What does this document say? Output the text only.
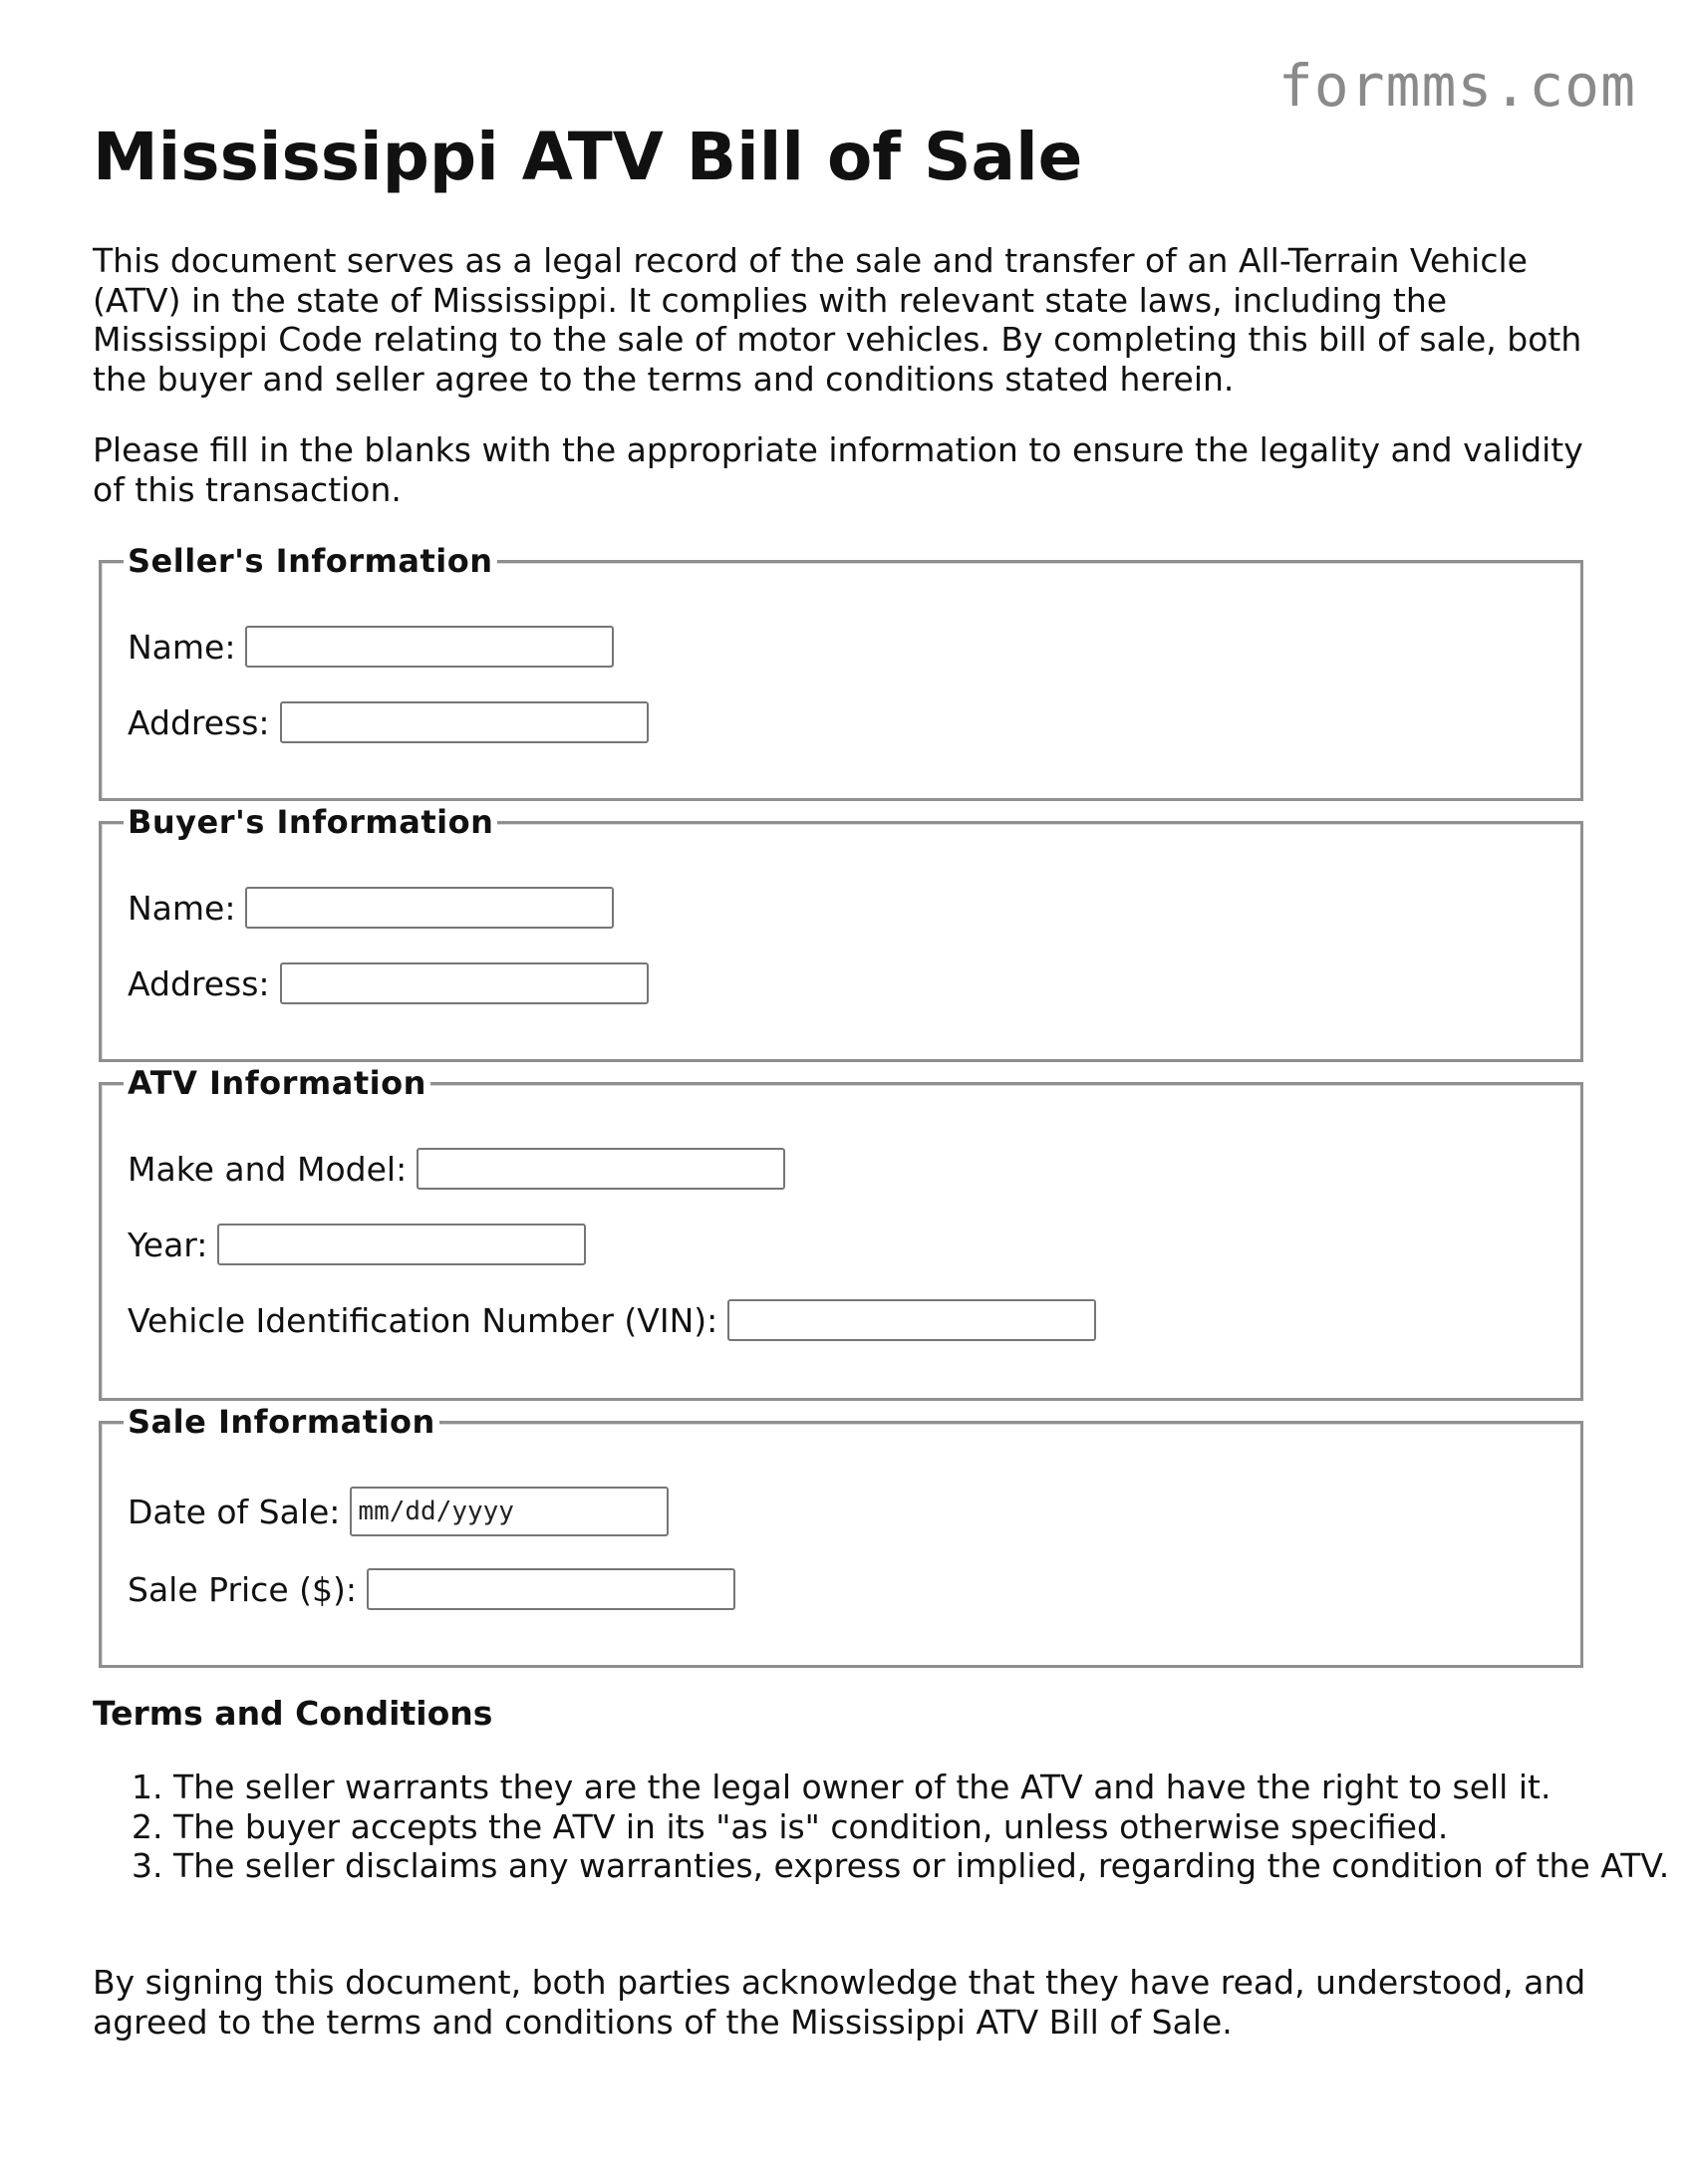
formms.com
Mississippi ATV Bill of Sale

This document serves as a legal record of the sale and transfer of an All-Terrain Vehicle (ATV) in the state of Mississippi. It complies with relevant state laws, including the Mississippi Code relating to the sale of motor vehicles. By completing this bill of sale, both the buyer and seller agree to the terms and conditions stated herein.

Please fill in the blanks with the appropriate information to ensure the legality and validity of this transaction.

Seller's Information
Name:
Address:
Buyer's Information
Name:
Address:
ATV Information
Make and Model:
Year:
Vehicle Identification Number (VIN):
Sale Information
Date of Sale: mm/dd/yyyy
Sale Price ($):
Terms and Conditions
1. The seller warrants they are the legal owner of the ATV and have the right to sell it.
2. The buyer accepts the ATV in its "as is" condition, unless otherwise specified.
3. The seller disclaims any warranties, express or implied, regarding the condition of the ATV.

By signing this document, both parties acknowledge that they have read, understood, and agreed to the terms and conditions of the Mississippi ATV Bill of Sale.
